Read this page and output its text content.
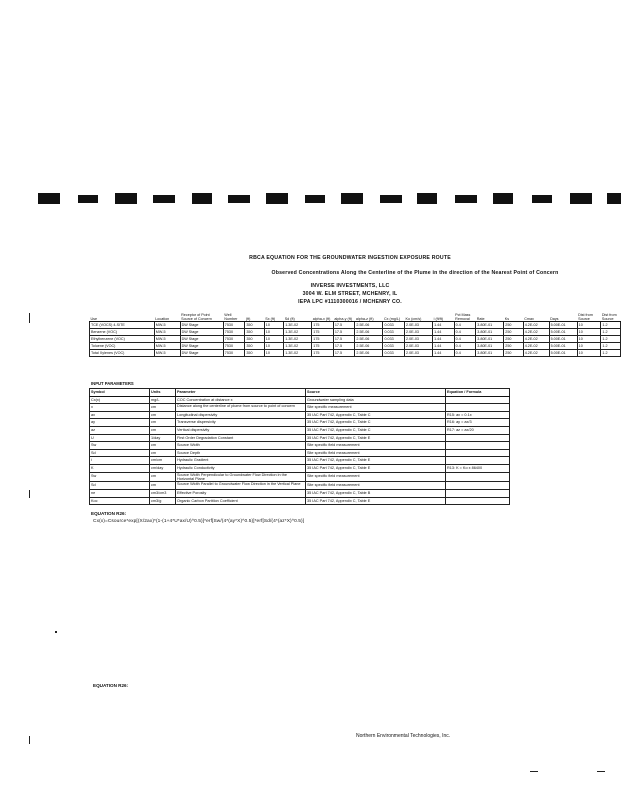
RBCA EQUATION FOR THE GROUNDWATER INGESTION EXPOSURE ROUTE
Observed Concentrations Along the Centerline of the Plume in the direction of the Nearest Point of Concern
INVERSE INVESTMENTS, LLC
3004 W. ELM STREET, MCHENRY, IL
IEPA LPC #1110300016 / MCHENRY CO.
Use	Location	Receptor of Point Source of Concern	Well Number	(ft)	Sx (ft)	Sd (ft)	alpha-x (ft)	alpha-y (ft)	alpha-z (ft)	Cx (mg/L)	Ko (cm/s)	i (ft/ft)	Pct Mass Removal	Rate	Ks	Cmax	Days	Dist from Source	Dist from Source
TCE (VOCS) 4-SITE	MW-5	DW Stage	7530	350	10	1.3E-02	175	17.5	2.5E-06	0.033	2.0E-03	1.44	0.4	3.80E-01	250	4.2E-02	5.00E-01	10	1.2
Benzene (VOC)	MW-5	DW Stage	7530	350	10	1.3E-02	175	17.5	2.5E-06	0.033	2.0E-03	1.44	0.4	3.80E-01	250	4.2E-02	5.00E-01	10	1.2
Ethylbenzene (VOC)	MW-5	DW Stage	7530	350	10	1.3E-02	175	17.5	2.5E-06	0.033	2.0E-03	1.44	0.4	3.80E-01	250	4.2E-02	5.00E-01	10	1.2
Toluene (VOC)	MW-5	DW Stage	7530	350	10	1.3E-02	175	17.5	2.5E-06	0.033	2.0E-03	1.44	0.4	3.80E-01	250	4.2E-02	5.00E-01	10	1.2
Total Xylenes (VOC)	MW-5	DW Stage	7530	350	10	1.3E-02	175	17.5	2.5E-06	0.033	2.0E-03	1.44	0.4	3.80E-01	250	4.2E-02	5.00E-01	10	1.2
INPUT PARAMETERS
Symbol	Units	Parameter	Source	Equation / Formula
Cx(x)	mg/L	COC Concentration at distance x	Groundwater sampling data	
x	cm	Distance along the centerline of plume from source to point of concern	Site specific measurement	
ax	cm	Longitudinal dispersivity	35 IAC Part 742, Appendix C, Table C	R15: ax = 0.1x
ay	cm	Transverse dispersivity	35 IAC Part 742, Appendix C, Table C	R16: ay = ax/3
az	cm	Vertical dispersivity	35 IAC Part 742, Appendix C, Table C	R17: az = ax/20
U	1/day	First Order Degradation Constant	35 IAC Part 742, Appendix C, Table E	
Sw	cm	Source Width	Site specific field measurement	
Sd	cm	Source Depth	Site specific field measurement	
i	cm/cm	Hydraulic Gradient	35 IAC Part 742, Appendix C, Table E	
K	cm/day	Hydraulic Conductivity	35 IAC Part 742, Appendix C, Table E	R13: K = Ko x 86400
Sw	cm	Source Width Perpendicular to Groundwater Flow Direction in the Horizontal Plane	Site specific field measurement	
Sd	cm	Source Width Parallel to Groundwater Flow Direction in the Vertical Plane	Site specific field measurement	
ne	cm3/cm3	Effective Porosity	35 IAC Part 742, Appendix C, Table B	
Koc	cm3/g	Organic Carbon Partition Coefficient	35 IAC Part 742, Appendix C, Table E	
EQUATION R26:
Cx(x)=Csource*exp[(X/2ax)*(1-(1+4*U*ax/U)^0.5)]*erf[Sw/(4*(ay*X)^0.5)]*erf[Sd/(4*(az*X)^0.5)]
EQUATION R26:
Northern Environmental Technologies, Inc.
